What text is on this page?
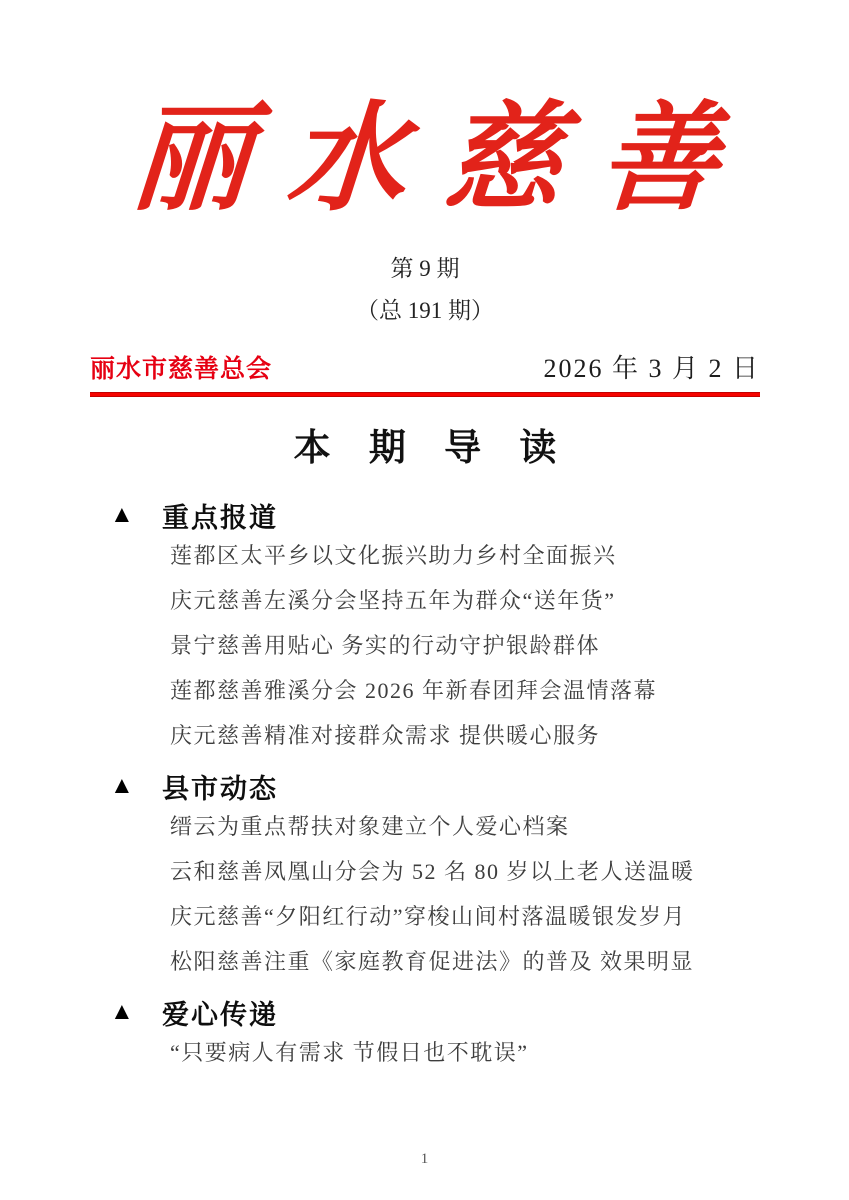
丽水慈善
第 9 期
（总 191 期）
丽水市慈善总会	2026 年 3 月 2 日
本 期 导 读
▲	重点报道
莲都区太平乡以文化振兴助力乡村全面振兴
庆元慈善左溪分会坚持五年为群众“送年货”
景宁慈善用贴心 务实的行动守护银龄群体
莲都慈善雅溪分会 2026 年新春团拜会温情落幕
庆元慈善精准对接群众需求 提供暖心服务
▲	县市动态
缙云为重点帮扶对象建立个人爱心档案
云和慈善凤凰山分会为 52 名 80 岁以上老人送温暖
庆元慈善“夕阳红行动”穿梭山间村落温暖银发岁月
松阳慈善注重《家庭教育促进法》的普及 效果明显
▲	爱心传递
“只要病人有需求 节假日也不耽误”
1
